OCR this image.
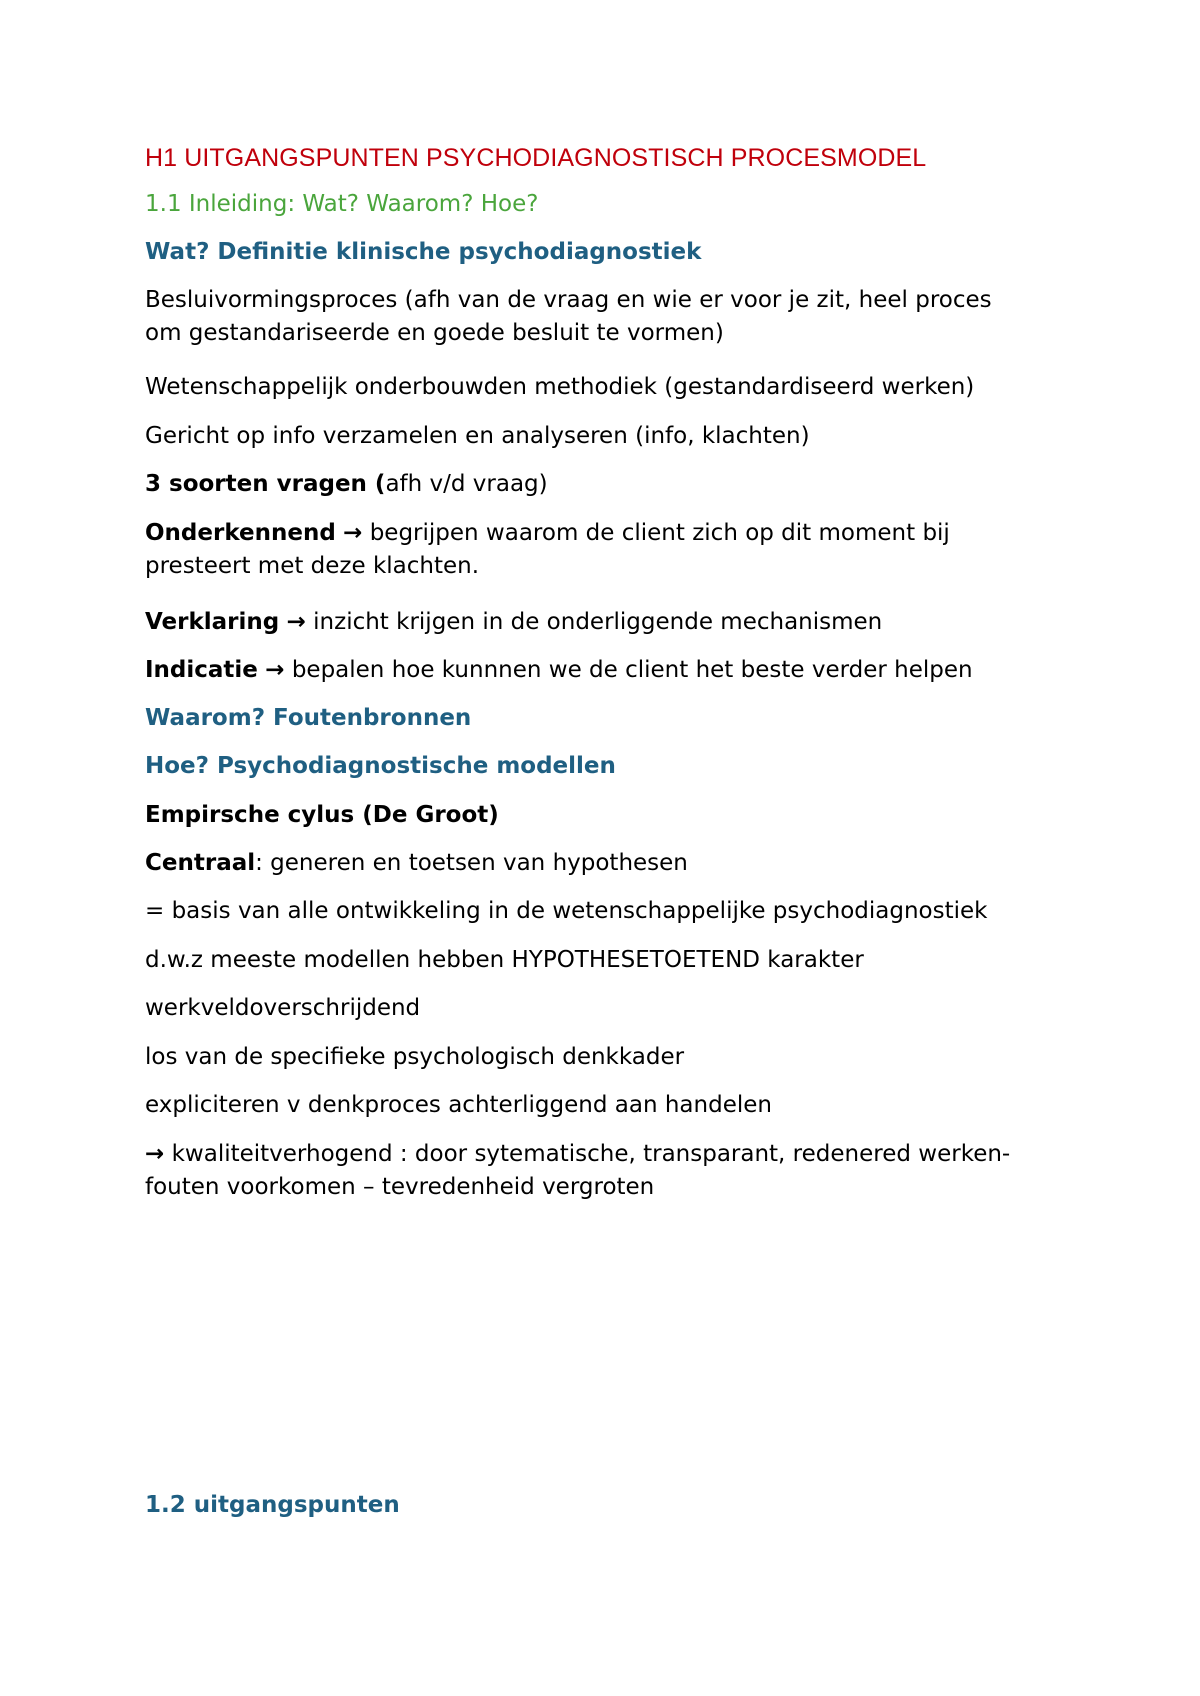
H1 UITGANGSPUNTEN PSYCHODIAGNOSTISCH PROCESMODEL
1.1 Inleiding: Wat? Waarom? Hoe?
Wat? Definitie klinische psychodiagnostiek
Besluivormingsproces (afh van de vraag en wie er voor je zit, heel proces
om gestandariseerde en goede besluit te vormen)
Wetenschappelijk onderbouwden methodiek (gestandardiseerd werken)
Gericht op info verzamelen en analyseren (info, klachten)
3 soorten vragen (afh v/d vraag)
Onderkennend → begrijpen waarom de client zich op dit moment bij
presteert met deze klachten.
Verklaring → inzicht krijgen in de onderliggende mechanismen
Indicatie → bepalen hoe kunnnen we de client het beste verder helpen
Waarom? Foutenbronnen
Hoe? Psychodiagnostische modellen
Empirsche cylus (De Groot)
Centraal: generen en toetsen van hypothesen
= basis van alle ontwikkeling in de wetenschappelijke psychodiagnostiek
d.w.z meeste modellen hebben HYPOTHESETOETEND karakter
werkveldoverschrijdend
los van de specifieke psychologisch denkkader
expliciteren v denkproces achterliggend aan handelen
→ kwaliteitverhogend : door sytematische, transparant, redenered werken-
fouten voorkomen – tevredenheid vergroten
1.2 uitgangspunten
